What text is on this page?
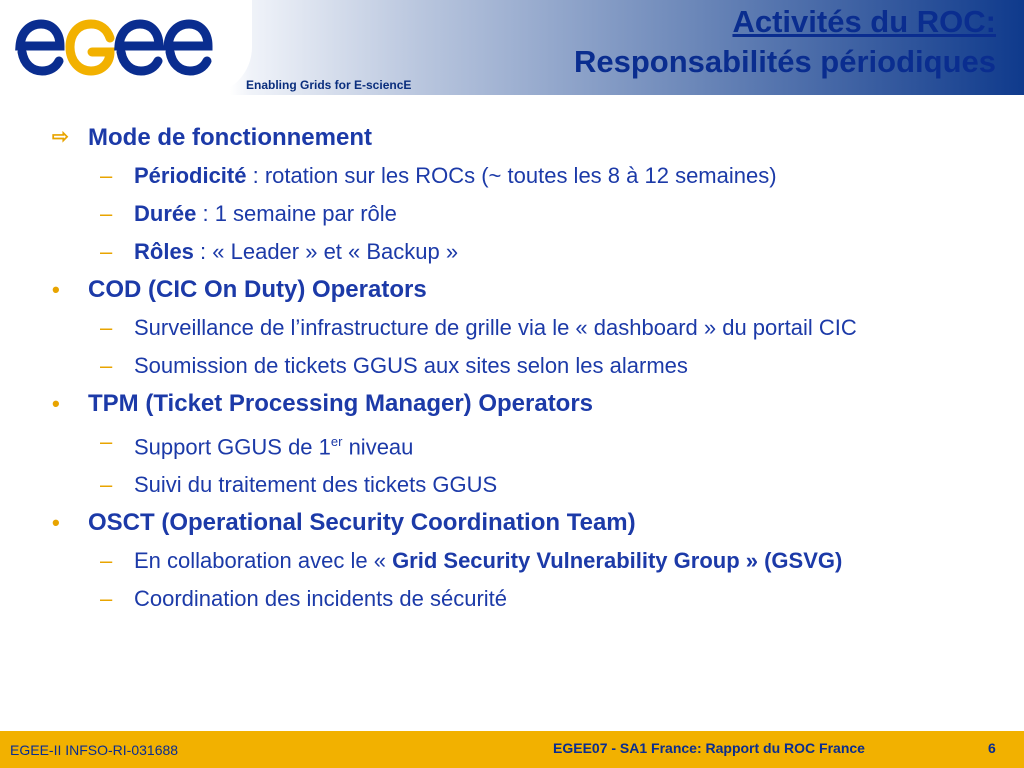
Enabling Grids for E-sciencE
Activités du ROC:
Responsabilités périodiques
⇨ Mode de fonctionnement
– Périodicité : rotation sur les ROCs (~ toutes les 8 à 12 semaines)
– Durée : 1 semaine par rôle
– Rôles : « Leader » et « Backup »
• COD (CIC On Duty) Operators
– Surveillance de l’infrastructure de grille via le « dashboard » du portail CIC
– Soumission de tickets GGUS aux sites selon les alarmes
• TPM (Ticket Processing Manager) Operators
– Support GGUS de 1er niveau
– Suivi du traitement des tickets GGUS
• OSCT (Operational Security Coordination Team)
– En collaboration avec le « Grid Security Vulnerability Group » (GSVG)
– Coordination des incidents de sécurité
EGEE-II INFSO-RI-031688	EGEE07 - SA1 France: Rapport du ROC France	6
